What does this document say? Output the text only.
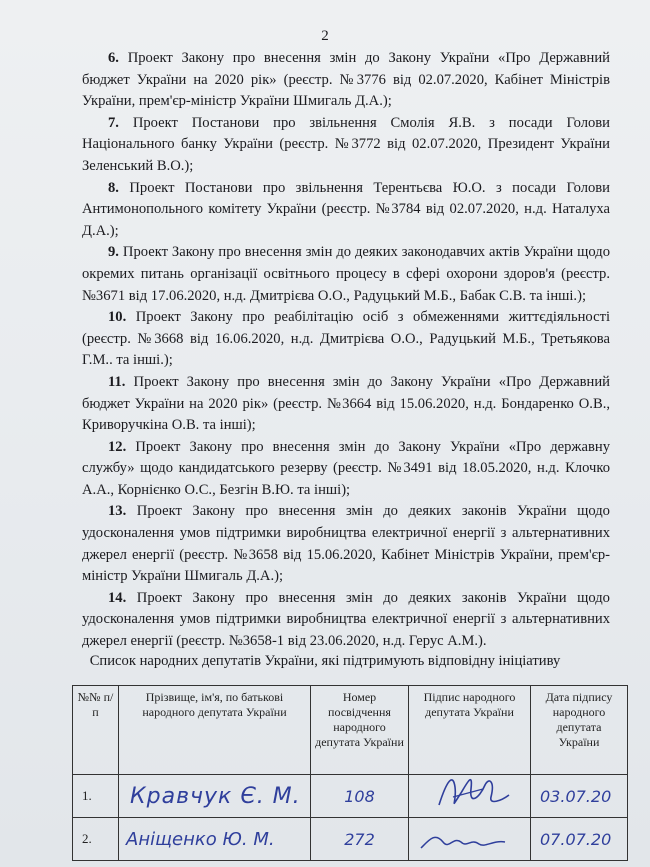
2

6. Проект Закону про внесення змін до Закону України «Про Державний бюджет України на 2020 рік» (реєстр. №3776 від 02.07.2020, Кабінет Міністрів України, прем'єр-міністр України Шмигаль Д.А.);

7. Проект Постанови про звільнення Смолія Я.В. з посади Голови Національного банку України (реєстр. №3772 від 02.07.2020, Президент України Зеленський В.О.);

8. Проект Постанови про звільнення Терентьєва Ю.О. з посади Голови Антимонопольного комітету України (реєстр. №3784 від 02.07.2020, н.д. Наталуха Д.А.);

9. Проект Закону про внесення змін до деяких законодавчих актів України щодо окремих питань організації освітнього процесу в сфері охорони здоров'я (реєстр. №3671 від 17.06.2020, н.д. Дмитрієва О.О., Радуцький М.Б., Бабак С.В. та інші.);

10. Проект Закону про реабілітацію осіб з обмеженнями життєдіяльності (реєстр. №3668 від 16.06.2020, н.д. Дмитрієва О.О., Радуцький М.Б., Третьякова Г.М.. та інші.);

11. Проект Закону про внесення змін до Закону України «Про Державний бюджет України на 2020 рік» (реєстр. №3664 від 15.06.2020, н.д. Бондаренко О.В., Криворучкіна О.В. та інші);

12. Проект Закону про внесення змін до Закону України «Про державну службу» щодо кандидатського резерву (реєстр. №3491 від 18.05.2020, н.д. Клочко А.А., Корнієнко О.С., Безгін В.Ю. та інші);

13. Проект Закону про внесення змін до деяких законів України щодо удосконалення умов підтримки виробництва електричної енергії з альтернативних джерел енергії (реєстр. №3658 від 15.06.2020, Кабінет Міністрів України, прем'єр-міністр України Шмигаль Д.А.);

14. Проект Закону про внесення змін до деяких законів України щодо удосконалення умов підтримки виробництва електричної енергії з альтернативних джерел енергії (реєстр. №3658-1 від 23.06.2020, н.д. Герус А.М.).

Список народних депутатів України, які підтримують відповідну ініціативу
№№ п/п	Прізвище, ім'я, по батькові народного депутата України	Номер посвідчення народного депутата України	Підпис народного депутата України	Дата підпису народного депутата України
1.	Кравчук Є. М.	108		03.07.20

2.	Аніщенко Ю. М.	272		07.07.20
